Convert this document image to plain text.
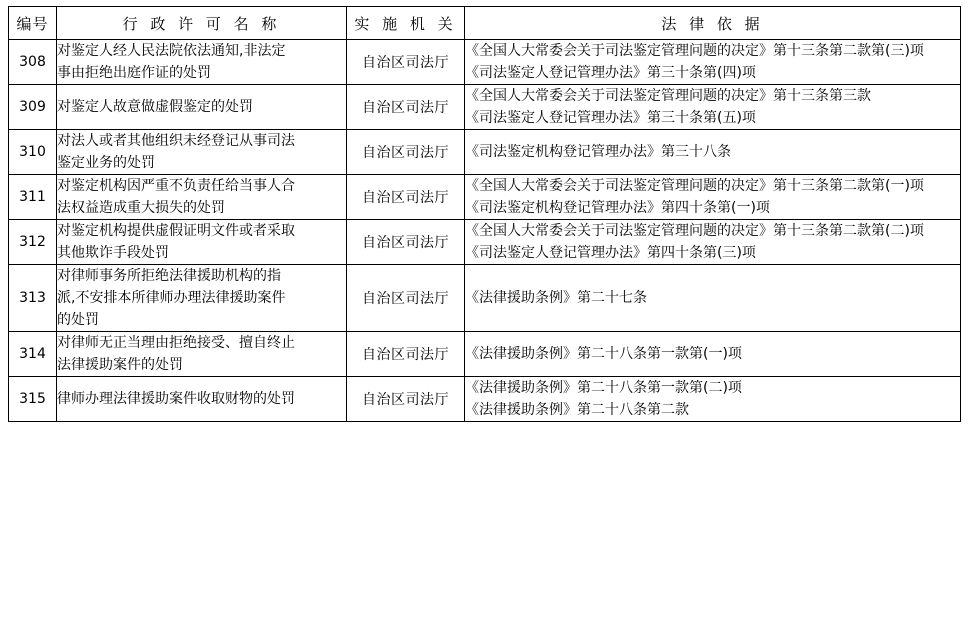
编号	行 政 许 可 名 称	实 施 机 关	法 律 依 据
308	对鉴定人经人民法院依法通知,非法定
事由拒绝出庭作证的处罚	自治区司法厅	《全国人大常委会关于司法鉴定管理问题的决定》第十三条第二款第(三)项
《司法鉴定人登记管理办法》第三十条第(四)项

309	对鉴定人故意做虚假鉴定的处罚	自治区司法厅	《全国人大常委会关于司法鉴定管理问题的决定》第十三条第三款
《司法鉴定人登记管理办法》第三十条第(五)项

310	对法人或者其他组织未经登记从事司法
鉴定业务的处罚	自治区司法厅	《司法鉴定机构登记管理办法》第三十八条

311	对鉴定机构因严重不负责任给当事人合
法权益造成重大损失的处罚	自治区司法厅	《全国人大常委会关于司法鉴定管理问题的决定》第十三条第二款第(一)项
《司法鉴定机构登记管理办法》第四十条第(一)项

312	对鉴定机构提供虚假证明文件或者采取
其他欺诈手段处罚	自治区司法厅	《全国人大常委会关于司法鉴定管理问题的决定》第十三条第二款第(二)项
《司法鉴定人登记管理办法》第四十条第(三)项

313	对律师事务所拒绝法律援助机构的指
派,不安排本所律师办理法律援助案件
的处罚	自治区司法厅	《法律援助条例》第二十七条

314	对律师无正当理由拒绝接受、擅自终止
法律援助案件的处罚	自治区司法厅	《法律援助条例》第二十八条第一款第(一)项

315	律师办理法律援助案件收取财物的处罚	自治区司法厅	《法律援助条例》第二十八条第一款第(二)项
《法律援助条例》第二十八条第二款
